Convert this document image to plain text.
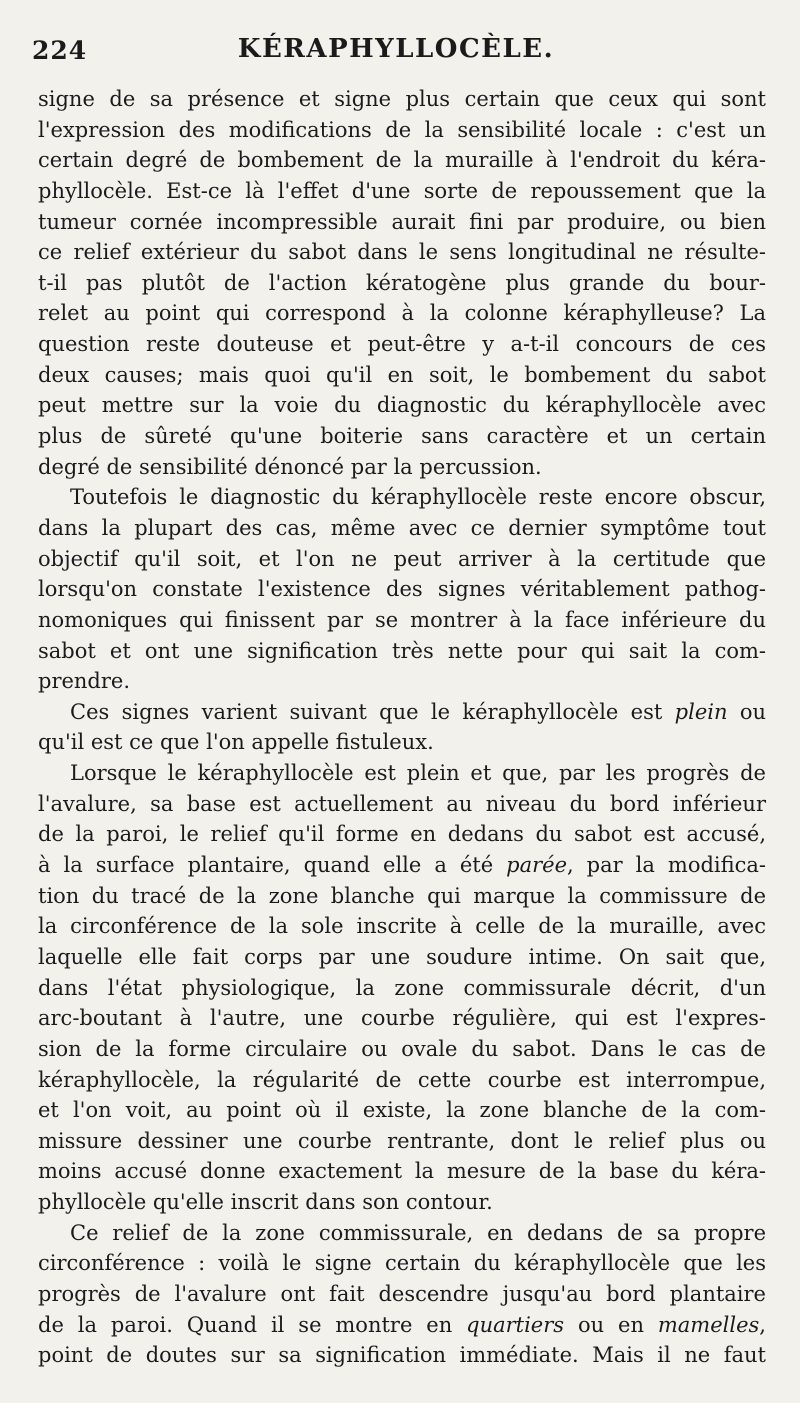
224	KÉRAPHYLLOCÈLE.
signe de sa présence et signe plus certain que ceux qui sont
l'expression des modifications de la sensibilité locale : c'est un
certain degré de bombement de la muraille à l'endroit du kéra-
phyllocèle. Est-ce là l'effet d'une sorte de repoussement que la
tumeur cornée incompressible aurait fini par produire, ou bien
ce relief extérieur du sabot dans le sens longitudinal ne résulte-
t-il pas plutôt de l'action kératogène plus grande du bour-
relet au point qui correspond à la colonne kéraphylleuse? La
question reste douteuse et peut-être y a-t-il concours de ces
deux causes; mais quoi qu'il en soit, le bombement du sabot
peut mettre sur la voie du diagnostic du kéraphyllocèle avec
plus de sûreté qu'une boiterie sans caractère et un certain
degré de sensibilité dénoncé par la percussion.
Toutefois le diagnostic du kéraphyllocèle reste encore obscur,
dans la plupart des cas, même avec ce dernier symptôme tout
objectif qu'il soit, et l'on ne peut arriver à la certitude que
lorsqu'on constate l'existence des signes véritablement pathog-
nomoniques qui finissent par se montrer à la face inférieure du
sabot et ont une signification très nette pour qui sait la com-
prendre.
Ces signes varient suivant que le kéraphyllocèle est plein ou
qu'il est ce que l'on appelle fistuleux.
Lorsque le kéraphyllocèle est plein et que, par les progrès de
l'avalure, sa base est actuellement au niveau du bord inférieur
de la paroi, le relief qu'il forme en dedans du sabot est accusé,
à la surface plantaire, quand elle a été parée, par la modifica-
tion du tracé de la zone blanche qui marque la commissure de
la circonférence de la sole inscrite à celle de la muraille, avec
laquelle elle fait corps par une soudure intime. On sait que,
dans l'état physiologique, la zone commissurale décrit, d'un
arc-boutant à l'autre, une courbe régulière, qui est l'expres-
sion de la forme circulaire ou ovale du sabot. Dans le cas de
kéraphyllocèle, la régularité de cette courbe est interrompue,
et l'on voit, au point où il existe, la zone blanche de la com-
missure dessiner une courbe rentrante, dont le relief plus ou
moins accusé donne exactement la mesure de la base du kéra-
phyllocèle qu'elle inscrit dans son contour.
Ce relief de la zone commissurale, en dedans de sa propre
circonférence : voilà le signe certain du kéraphyllocèle que les
progrès de l'avalure ont fait descendre jusqu'au bord plantaire
de la paroi. Quand il se montre en quartiers ou en mamelles,
point de doutes sur sa signification immédiate. Mais il ne faut
